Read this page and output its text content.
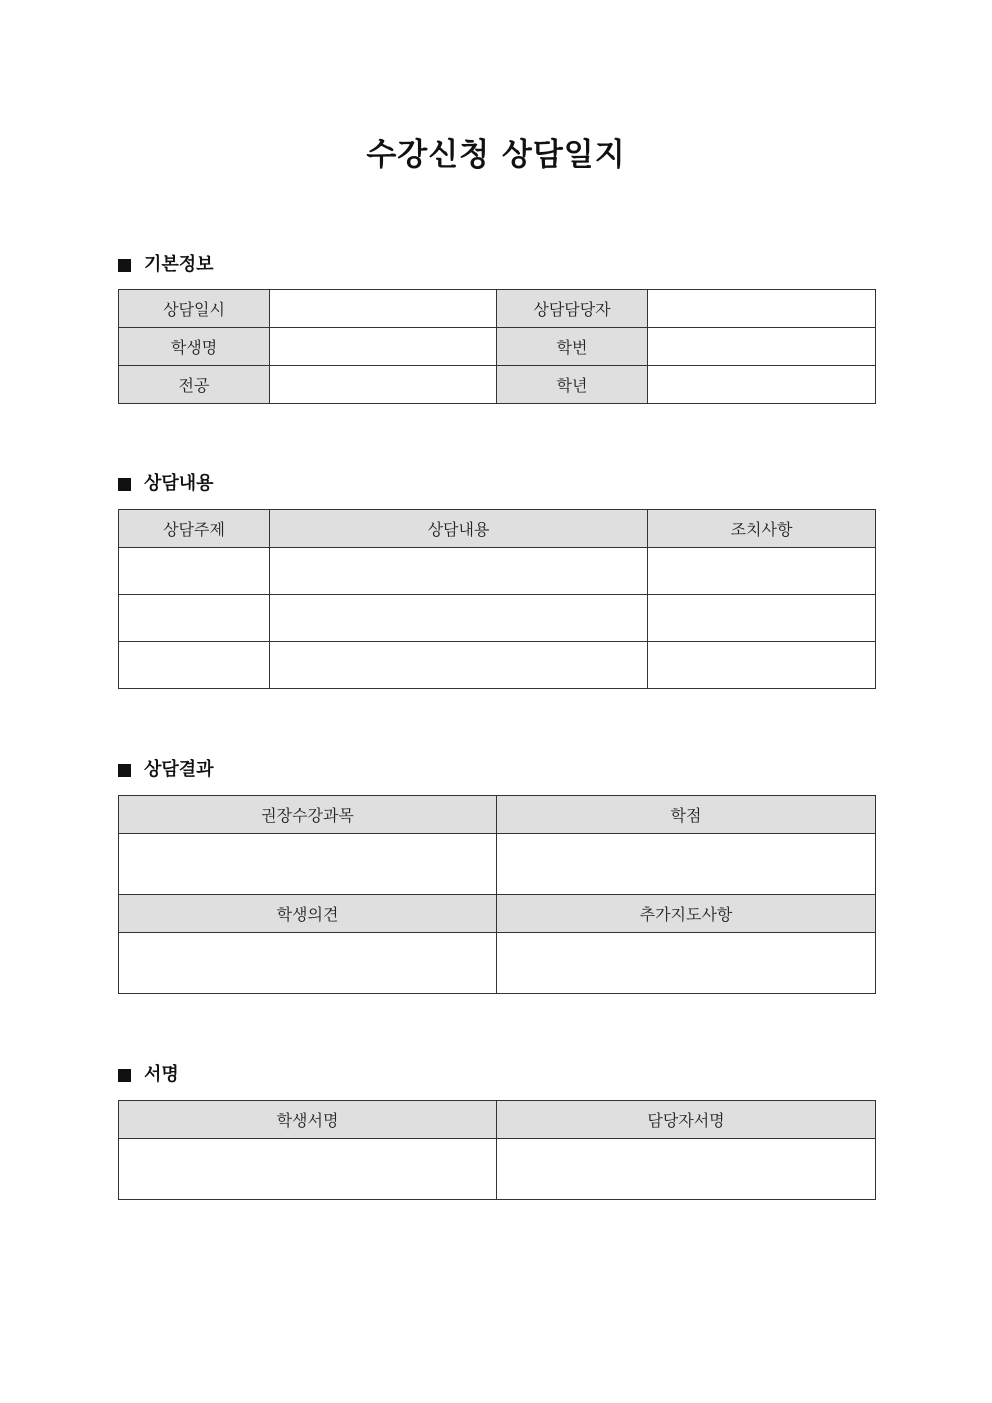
수강신청 상담일지
기본정보
상담일시		상담담당자	
학생명		학번	
전공		학년	
상담내용
상담주제	상담내용	조치사항

상담결과
권장수강과목	학점

학생의견	추가지도사항

서명
학생서명	담당자서명
